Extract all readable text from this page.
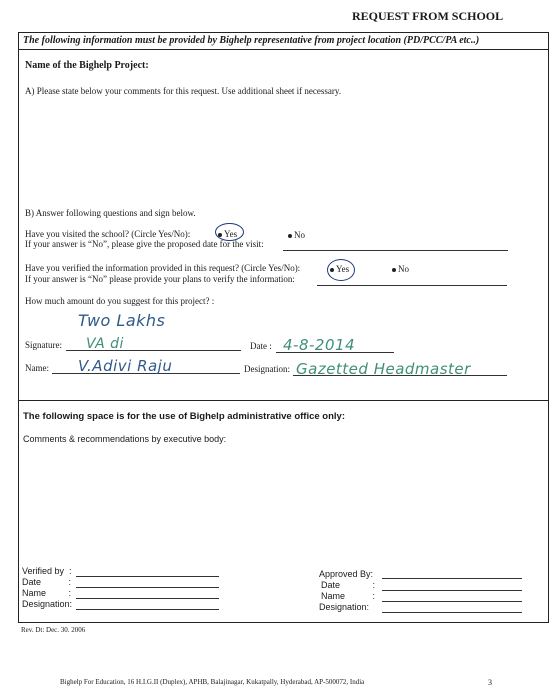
REQUEST FROM SCHOOL
The following information must be provided by Bighelp representative from project location (PD/PCC/PA etc..)
Name of the Bighelp Project:
A) Please state below your comments for this request. Use additional sheet if necessary.
B) Answer following questions and sign below.
Have you visited the school? (Circle Yes/No):	Yes	No
If your answer is “No”, please give the proposed date for the visit:
Have you verified the information provided in this request? (Circle Yes/No):	Yes	No
If your answer is “No” please provide your plans to verify the information:
How much amount do you suggest for this project? :
Two Lakhs
Signature: VA di	Date : 4-8-2014
Name: V.Adivi Raju	Designation: Gazetted Headmaster
The following space is for the use of Bighelp administrative office only:
Comments & recommendations by executive body:
Verified by :
Date	:
Name	:
Designation:
Approved By:
Date	:
Name	:
Designation:
Rev. Dt: Dec. 30. 2006
Bighelp For Education, 16 H.I.G.II (Duplex), APHB, Balajinagar, Kukatpally, Hyderabad, AP-500072, India	3
